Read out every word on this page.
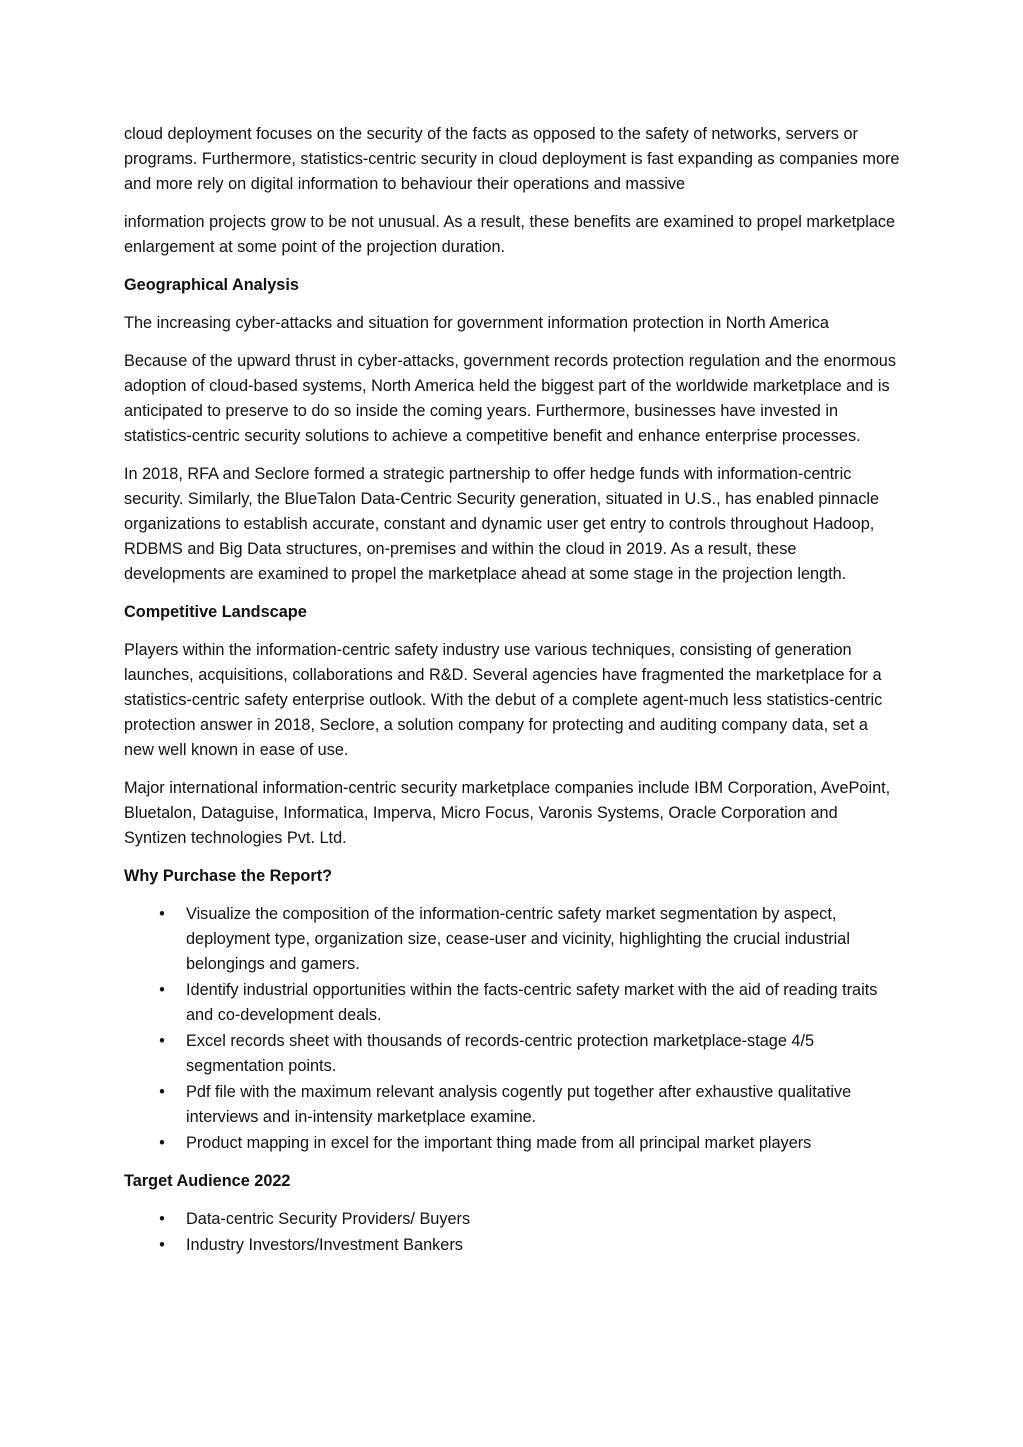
cloud deployment focuses on the security of the facts as opposed to the safety of networks, servers or programs. Furthermore, statistics-centric security in cloud deployment is fast expanding as companies more and more rely on digital information to behaviour their operations and massive

information projects grow to be not unusual. As a result, these benefits are examined to propel marketplace enlargement at some point of the projection duration.

Geographical Analysis

The increasing cyber-attacks and situation for government information protection in North America

Because of the upward thrust in cyber-attacks, government records protection regulation and the enormous adoption of cloud-based systems, North America held the biggest part of the worldwide marketplace and is anticipated to preserve to do so inside the coming years. Furthermore, businesses have invested in statistics-centric security solutions to achieve a competitive benefit and enhance enterprise processes.

In 2018, RFA and Seclore formed a strategic partnership to offer hedge funds with information-centric security. Similarly, the BlueTalon Data-Centric Security generation, situated in U.S., has enabled pinnacle organizations to establish accurate, constant and dynamic user get entry to controls throughout Hadoop, RDBMS and Big Data structures, on-premises and within the cloud in 2019. As a result, these developments are examined to propel the marketplace ahead at some stage in the projection length.

Competitive Landscape

Players within the information-centric safety industry use various techniques, consisting of generation launches, acquisitions, collaborations and R&D. Several agencies have fragmented the marketplace for a statistics-centric safety enterprise outlook. With the debut of a complete agent-much less statistics-centric protection answer in 2018, Seclore, a solution company for protecting and auditing company data, set a new well known in ease of use.

Major international information-centric security marketplace companies include IBM Corporation, AvePoint, Bluetalon, Dataguise, Informatica, Imperva, Micro Focus, Varonis Systems, Oracle Corporation and Syntizen technologies Pvt. Ltd.

Why Purchase the Report?

• Visualize the composition of the information-centric safety market segmentation by aspect, deployment type, organization size, cease-user and vicinity, highlighting the crucial industrial belongings and gamers.
• Identify industrial opportunities within the facts-centric safety market with the aid of reading traits and co-development deals.
• Excel records sheet with thousands of records-centric protection marketplace-stage 4/5 segmentation points.
• Pdf file with the maximum relevant analysis cogently put together after exhaustive qualitative interviews and in-intensity marketplace examine.
• Product mapping in excel for the important thing made from all principal market players

Target Audience 2022

• Data-centric Security Providers/ Buyers
• Industry Investors/Investment Bankers
